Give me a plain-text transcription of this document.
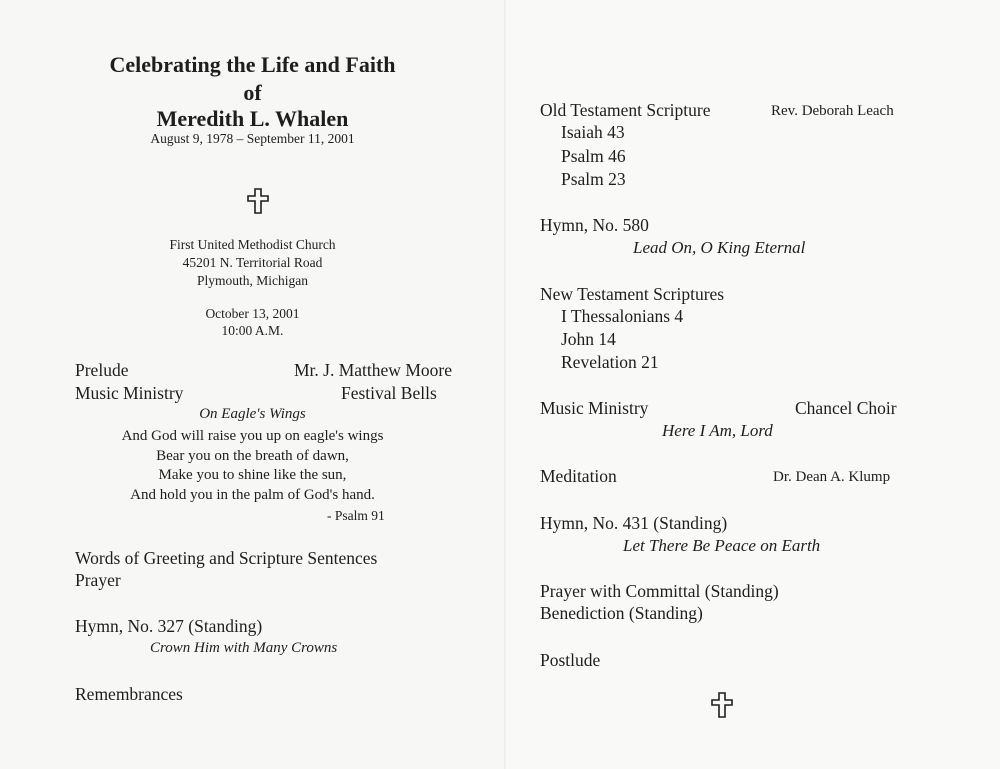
Celebrating the Life and Faith
of
Meredith L. Whalen
August 9, 1978 – September 11, 2001
First United Methodist Church
45201 N. Territorial Road
Plymouth, Michigan
October 13, 2001
10:00 A.M.
Prelude	Mr. J. Matthew Moore
Music Ministry	Festival Bells
On Eagle's Wings
And God will raise you up on eagle's wings
Bear you on the breath of dawn,
Make you to shine like the sun,
And hold you in the palm of God's hand.
- Psalm 91
Words of Greeting and Scripture Sentences
Prayer
Hymn, No. 327 (Standing)
Crown Him with Many Crowns
Remembrances
Old Testament Scripture	Rev. Deborah Leach
Isaiah 43
Psalm 46
Psalm 23
Hymn, No. 580
Lead On, O King Eternal
New Testament Scriptures
I Thessalonians 4
John 14
Revelation 21
Music Ministry	Chancel Choir
Here I Am, Lord
Meditation	Dr. Dean A. Klump
Hymn, No. 431 (Standing)
Let There Be Peace on Earth
Prayer with Committal (Standing)
Benediction (Standing)
Postlude
